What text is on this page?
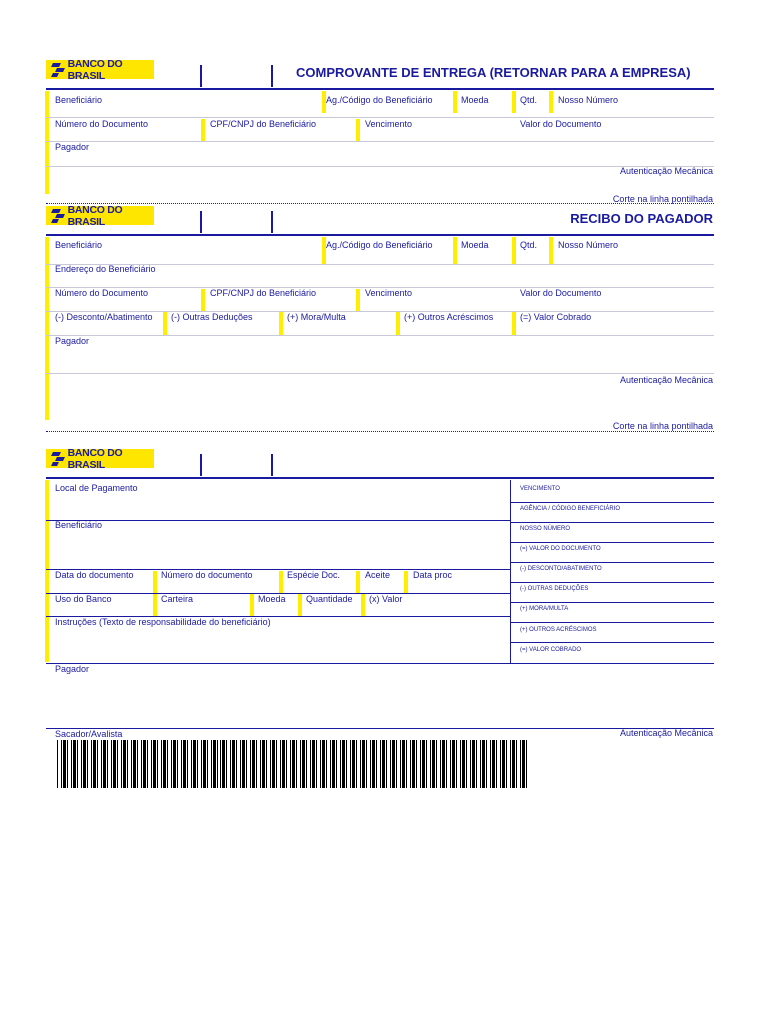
BANCO DO BRASIL	COMPROVANTE DE ENTREGA (RETORNAR PARA A EMPRESA)
Beneficiário	Ag./Código do Beneficiário	Moeda	Qtd. Nosso Número
Número do Documento	CPF/CNPJ do Beneficiário	Vencimento	Valor do Documento
Pagador
Autenticação Mecânica
Corte na linha pontilhada
BANCO DO BRASIL	RECIBO DO PAGADOR
Beneficiário	Ag./Código do Beneficiário	Moeda	Qtd. Nosso Número
Endereço do Beneficiário
Número do Documento	CPF/CNPJ do Beneficiário	Vencimento	Valor do Documento
(-) Desconto/Abatimento (-) Outras Deduções	(+) Mora/Multa	(+) Outros Acréscimos	(=) Valor Cobrado
Pagador
Autenticação Mecânica
Corte na linha pontilhada
BANCO DO BRASIL
Local de Pagamento
Beneficiário
Data do documento	Número do documento	Espécie Doc.	Aceite	Data proc
Uso do Banco	Carteira	Moeda Quantidade (x) Valor
Instruções (Texto de responsabilidade do beneficiário)
VENCIMENTO
AGÊNCIA / CÓDIGO BENEFICIÁRIO
NOSSO NÚMERO
(=) VALOR DO DOCUMENTO
(-) DESCONTO/ABATIMENTO
(-) OUTRAS DEDUÇÕES
(+) MORA/MULTA
(+) OUTROS ACRÉSCIMOS
(=) VALOR COBRADO
Pagador
Sacador/Avalista	Autenticação Mecânica
